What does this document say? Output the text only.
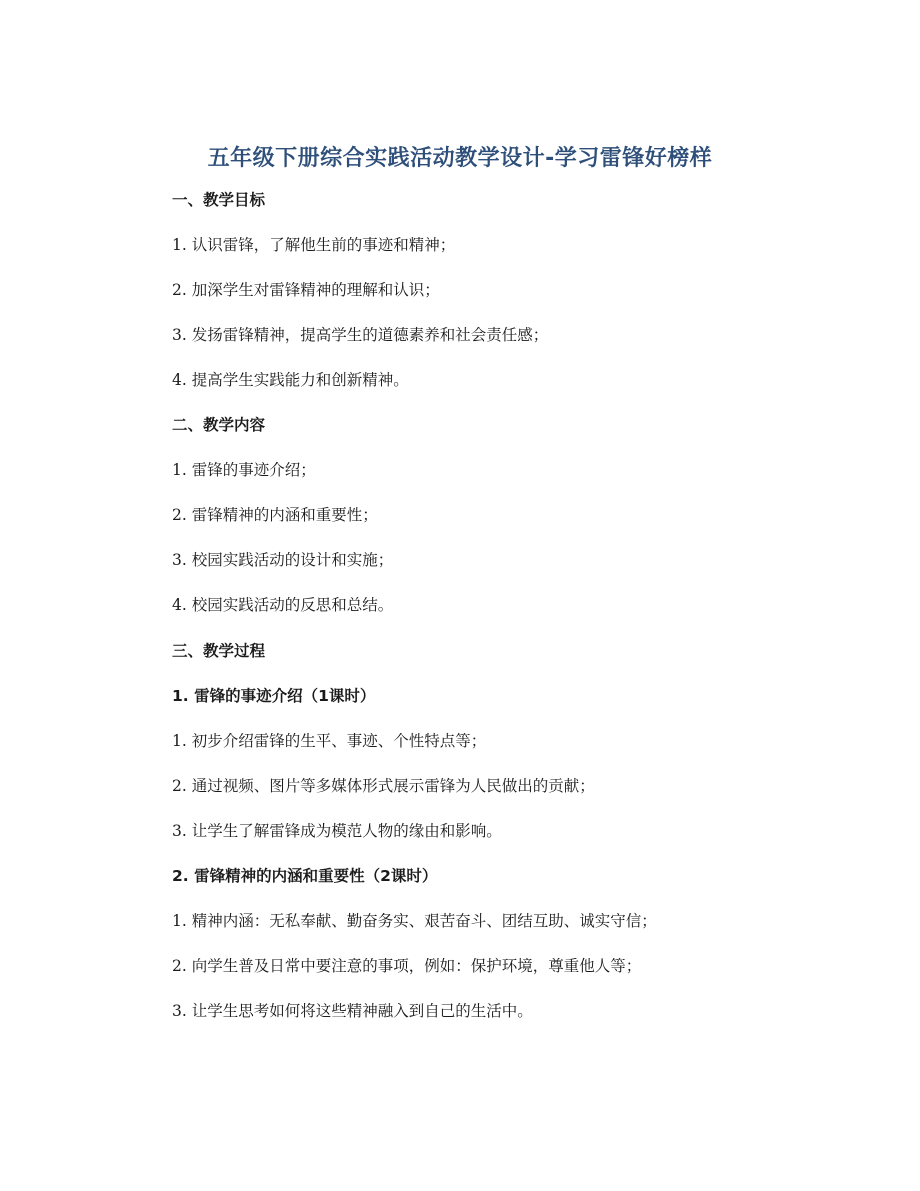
五年级下册综合实践活动教学设计-学习雷锋好榜样
一、教学目标
1. 认识雷锋，了解他生前的事迹和精神；
2. 加深学生对雷锋精神的理解和认识；
3. 发扬雷锋精神，提高学生的道德素养和社会责任感；
4. 提高学生实践能力和创新精神。
二、教学内容
1. 雷锋的事迹介绍；
2. 雷锋精神的内涵和重要性；
3. 校园实践活动的设计和实施；
4. 校园实践活动的反思和总结。
三、教学过程
1. 雷锋的事迹介绍（1课时）
1. 初步介绍雷锋的生平、事迹、个性特点等；
2. 通过视频、图片等多媒体形式展示雷锋为人民做出的贡献；
3. 让学生了解雷锋成为模范人物的缘由和影响。
2. 雷锋精神的内涵和重要性（2课时）
1. 精神内涵：无私奉献、勤奋务实、艰苦奋斗、团结互助、诚实守信；
2. 向学生普及日常中要注意的事项，例如：保护环境，尊重他人等；
3. 让学生思考如何将这些精神融入到自己的生活中。
